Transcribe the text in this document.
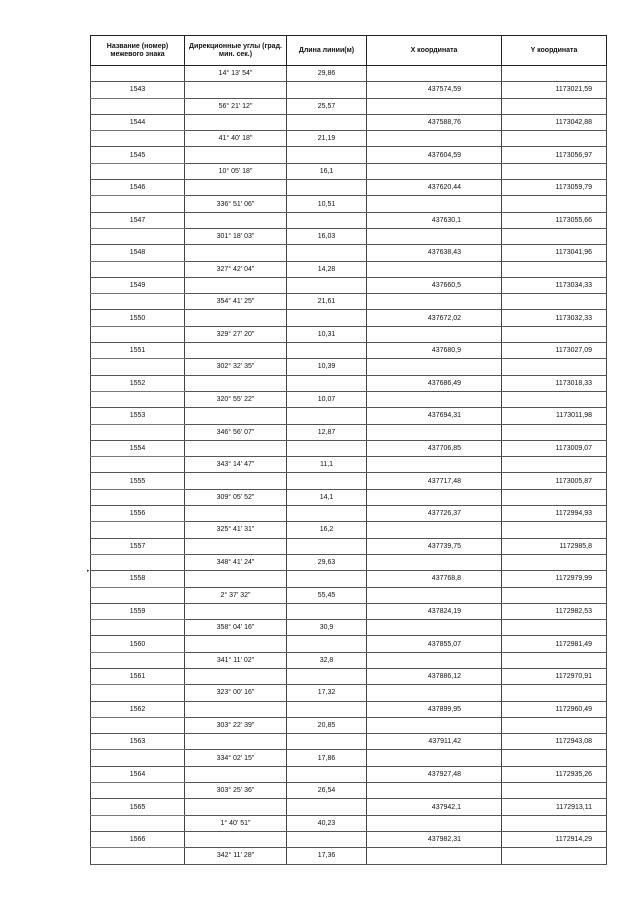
Название (номер) межевого знака	Дирекционные углы (град. мин. сек.)	Длина линии(м)	X координата	Y координата
	14° 13' 54"	29,86		
1543			437574,59	1173021,59
	56° 21' 12"	25,57		
1544			437588,76	1173042,88
	41° 40' 18"	21,19		
1545			437604,59	1173056,97
	10° 05' 18"	16,1		
1546			437620,44	1173059,79
	336° 51' 06"	10,51		
1547			437630,1	1173055,66
	301° 18' 03"	16,03		
1548			437638,43	1173041,96
	327° 42' 04"	14,28		
1549			437660,5	1173034,33
	354° 41' 25"	21,61		
1550			437672,02	1173032,33
	329° 27' 20"	10,31		
1551			437680,9	1173027,09
	302° 32' 35"	10,39		
1552			437686,49	1173018,33
	320° 55' 22"	10,07		
1553			437694,31	1173011,98
	346° 56' 07"	12,87		
1554			437706,85	1173009,07
	343° 14' 47"	11,1		
1555			437717,48	1173005,87
	309° 05' 52"	14,1		
1556			437726,37	1172994,93
	325° 41' 31"	16,2		
1557			437739,75	1172985,8
	348° 41' 24"	29,63		
1558			437768,8	1172979,99
	2° 37' 32"	55,45		
1559			437824,19	1172982,53
	358° 04' 16"	30,9		
1560			437855,07	1172981,49
	341° 11' 02"	32,8		
1561			437886,12	1172970,91
	323° 00' 16"	17,32		
1562			437899,95	1172960,49
	303° 22' 39"	20,85		
1563			437911,42	1172943,08
	334° 02' 15"	17,86		
1564			437927,48	1172935,26
	303° 25' 36"	26,54		
1565			437942,1	1172913,11
	1° 40' 51"	40,23		
1566			437982,31	1172914,29
	342° 11' 28"	17,36		
▸
